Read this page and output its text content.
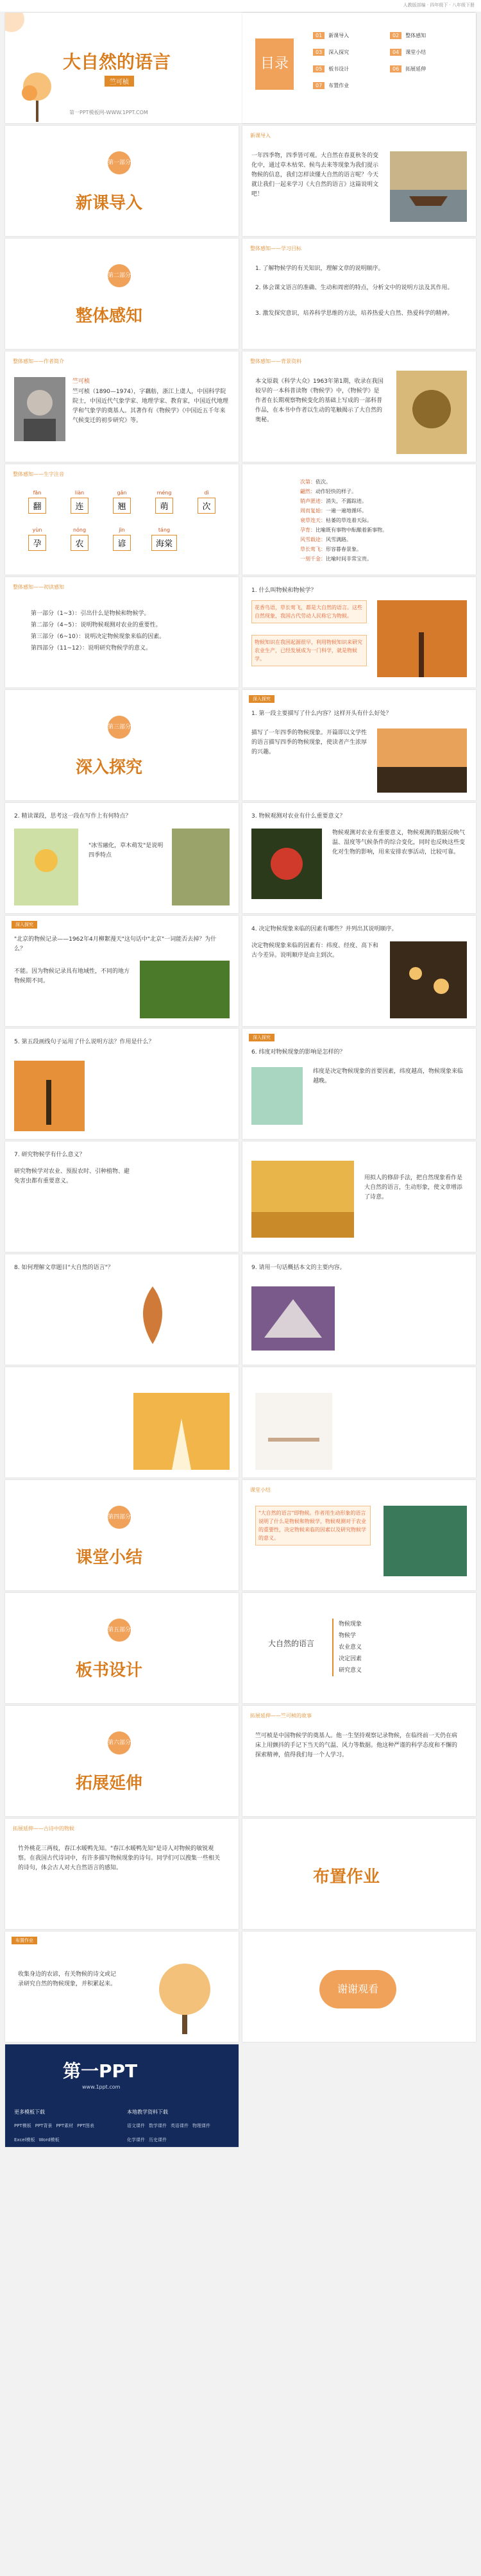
人教版部编 · 四年级下 · 八年级下册
大自然的语言
竺可桢
第一PPT模板网-WWW.1PPT.COM
目录
01 新课导入	02 整体感知
03 深入探究	04 课堂小结
05 板书设计	06 拓展延伸
07 布置作业
第一部分
新课导入
新课导入
一年四季物，四季皆可观。大自然在春夏秋冬的变化中，通过草木枯荣、候鸟去来等现象为我们提示物候的信息，我们怎样读懂大自然的语言呢？今天就让我们一起来学习《大自然的语言》这篇说明文吧！
第二部分
整体感知
整体感知——学习目标
1. 了解物候学的有关知识，理解文章的说明顺序。
2. 体会课文语言的准确、生动和周密的特点，分析文中的说明方法及其作用。
3. 激发探究意识，培养科学思维的方法，培养热爱大自然、热爱科学的精神。
整体感知——作者简介
竺可桢
竺可桢（1890—1974），字藕舫，浙江上虞人，中国科学院院士，中国近代气象学家、地理学家、教育家，中国近代地理学和气象学的奠基人。其著作有《物候学》《中国近五千年来气候变迁的初步研究》等。
整体感知——背景资料
本文原载《科学大众》1963年第1期，收录在我国较早的一本科普读物《物候学》中，《物候学》是作者在长期观察物候变化的基础上写成的一部科普作品，在本书中作者以生动的笔触揭示了大自然的奥秘。
整体感知——生字注音
fān
翻
liàn
连
gǎn
翘
méng
萌
dì
次
yùn
孕
nóng
农
jìn
谚
táng
海棠
次第：依次。
翩然：动作轻快的样子。
销声匿迹：消失，不露踪迹。
周而复始：一遍一遍地循环。
衰草连天：枯萎的草连着天际。
孕育：比喻既有事物中酝酿着新事物。
风雪载途：风雪满路。
草长莺飞：形容暮春景象。
一刻千金：比喻时间非常宝贵。
整体感知——初读感知
第一部分（1~3）：引出什么是物候和物候学。
第二部分（4~5）：说明物候观测对农业的重要性。
第三部分（6~10）：说明决定物候现象来临的因素。
第四部分（11~12）：说明研究物候学的意义。
1. 什么叫物候和物候学？
花香鸟语，草长莺飞，都是大自然的语言。这些自然现象，我国古代劳动人民称它为物候。
物候知识在我国起源很早，利用物候知识来研究农业生产，已经发展成为一门科学，就是物候学。
第三部分
深入探究
深入探究
1. 第一段主要描写了什么内容？这样开头有什么好处？
描写了一年四季的物候现象。开篇即以文学性的语言描写四季的物候现象，使读者产生浓厚的兴趣。
2. 精读课段，思考这一段在写作上有何特点？
"冰雪融化，草木萌发"是说明四季特点
3. 物候观测对农业有什么重要意义？
物候观测对农业有重要意义，物候观测的数据反映气温、湿度等气候条件的综合变化，同时也反映这些变化对生物的影响，用来安排农事活动，比较可靠。
深入探究
"北京的物候记录——1962年4月柳絮漫天"这句话中"北京"一词能否去掉？为什么？
不能。因为物候记录具有地域性，不同的地方物候期不同。
4. 决定物候现象来临的因素有哪些？并列出其说明顺序。
决定物候现象来临的因素有：纬度、经度、高下和古今差异。说明顺序是由主到次。
5. 第五段画线句子运用了什么说明方法？作用是什么？
深入探究
6. 纬度对物候现象的影响是怎样的？
纬度是决定物候现象的首要因素，纬度越高，物候现象来临越晚。
7. 研究物候学有什么意义？
研究物候学对农业、预报农时、引种植物、避免害虫都有重要意义。	用拟人的修辞手法，把自然现象看作是大自然的语言，生动形象，使文章增添了诗意。
8. 如何理解文章题目"大自然的语言"？	9. 请用一句话概括本文的主要内容。
第四部分
课堂小结
课堂小结
"大自然的语言"即物候。作者用生动形象的语言说明了什么是物候和物候学，物候观测对于农业的重要性，决定物候来临的因素以及研究物候学的意义。
第五部分
板书设计
大自然的语言
物候现象
物候学
农业意义
决定因素
研究意义
第六部分
拓展延伸
拓展延伸——竺可桢的故事
竺可桢是中国物候学的奠基人。他一生坚持观察记录物候，在临终前一天仍在病床上用颤抖的手记下当天的气温、风力等数据。他这种严谨的科学态度和不懈的探索精神，值得我们每一个人学习。
拓展延伸——古诗中的物候
竹外桃花三两枝，春江水暖鸭先知。"春江水暖鸭先知"是诗人对物候的敏锐观察。在我国古代诗词中，有许多描写物候现象的诗句。同学们可以搜集一些相关的诗句，体会古人对大自然语言的感知。	布置作业
布置作业
收集身边的农谚，有关物候的诗文或记录研究自然的物候现象，并积累起来。	谢谢观看
第一PPT
www.1ppt.com
更多模板下载
PPT模板 PPT背景 PPT素材 PPT图表Excel模板 Word模板
本地教学资料下载
语文课件 数学课件 英语课件 物理课件化学课件 历史课件
